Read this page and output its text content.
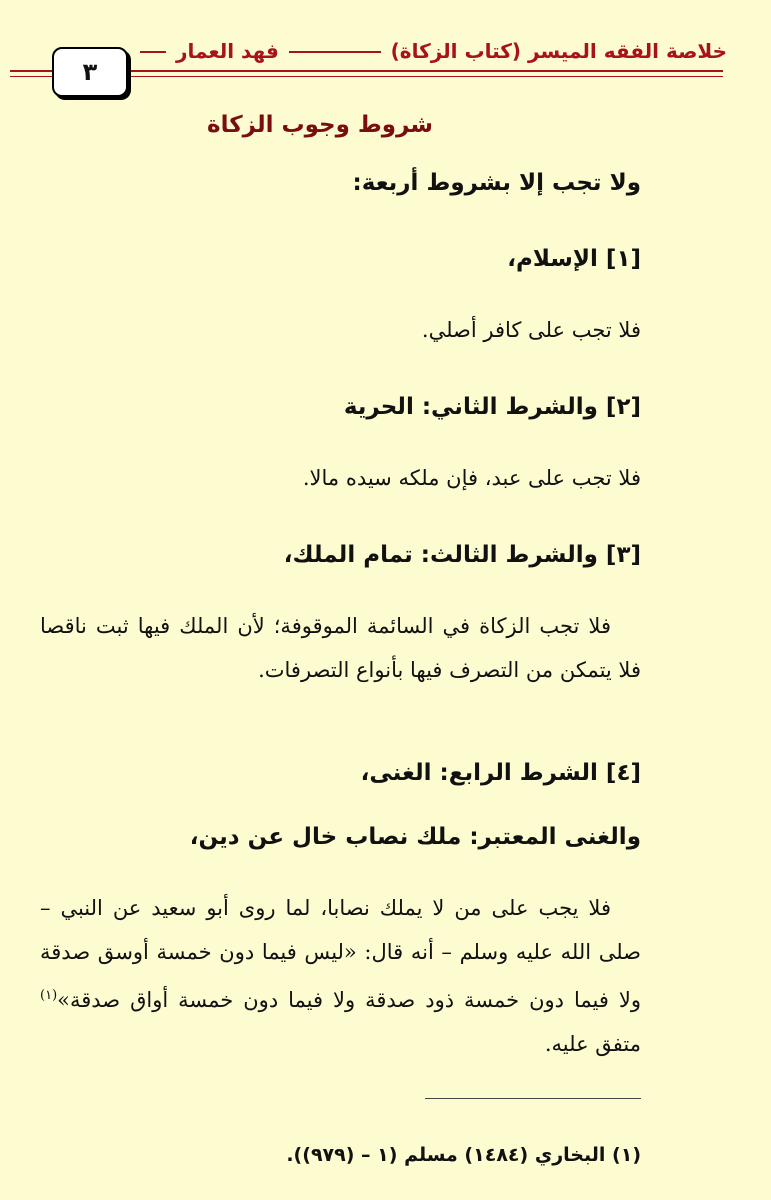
خلاصة الفقه الميسر (كتاب الزكاة)
فهد العمار
٣
شروط وجوب الزكاة
ولا تجب إلا بشروط أربعة:
[١] الإسلام،
فلا تجب على كافر أصلي.
[٢] والشرط الثاني: الحرية
فلا تجب على عبد، فإن ملكه سيده مالا.
[٣] والشرط الثالث: تمام الملك،
فلا تجب الزكاة في السائمة الموقوفة؛ لأن الملك فيها ثبت ناقصا فلا يتمكن من التصرف فيها بأنواع التصرفات.
[٤] الشرط الرابع: الغنى،
والغنى المعتبر: ملك نصاب خال عن دين،
فلا يجب على من لا يملك نصابا، لما روى أبو سعيد عن النبي – صلى الله عليه وسلم – أنه قال: «ليس فيما دون خمسة أوسق صدقة ولا فيما دون خمسة ذود صدقة ولا فيما دون خمسة أواق صدقة»$^{(١)}$ متفق عليه.
(١) البخاري (١٤٨٤) مسلم (١ – (٩٧٩)).
